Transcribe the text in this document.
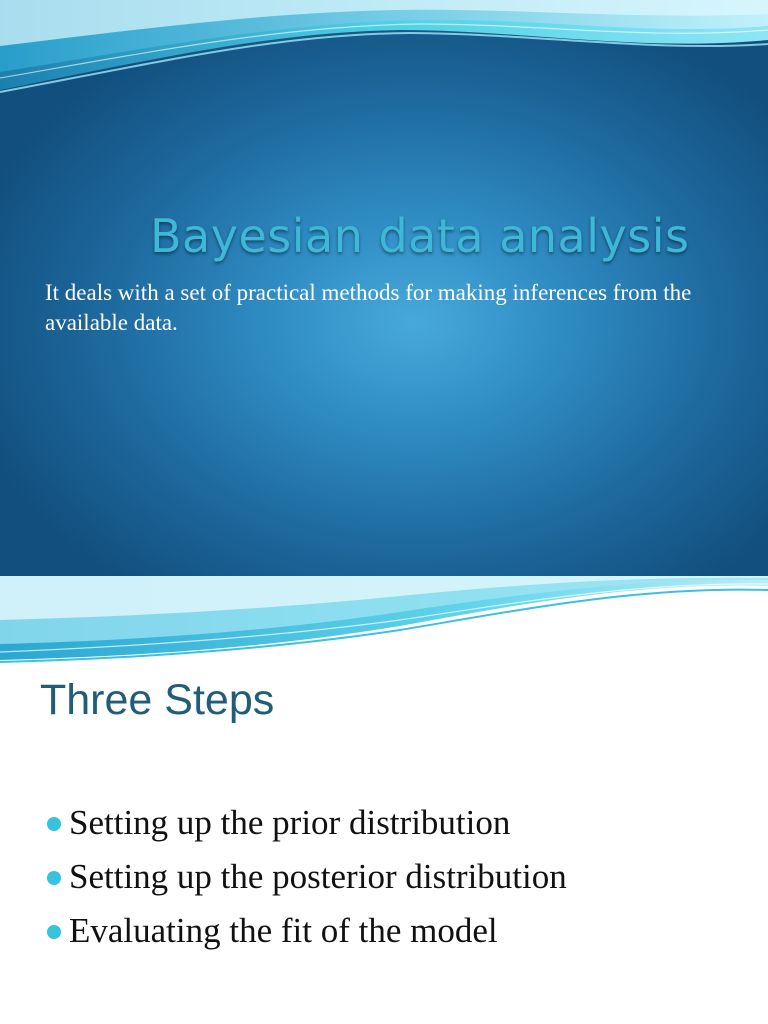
Bayesian data analysis
It deals with a set of practical methods for making inferences from the available data.
Three Steps
Setting up the prior distribution
Setting up the posterior distribution
Evaluating the fit of the model
